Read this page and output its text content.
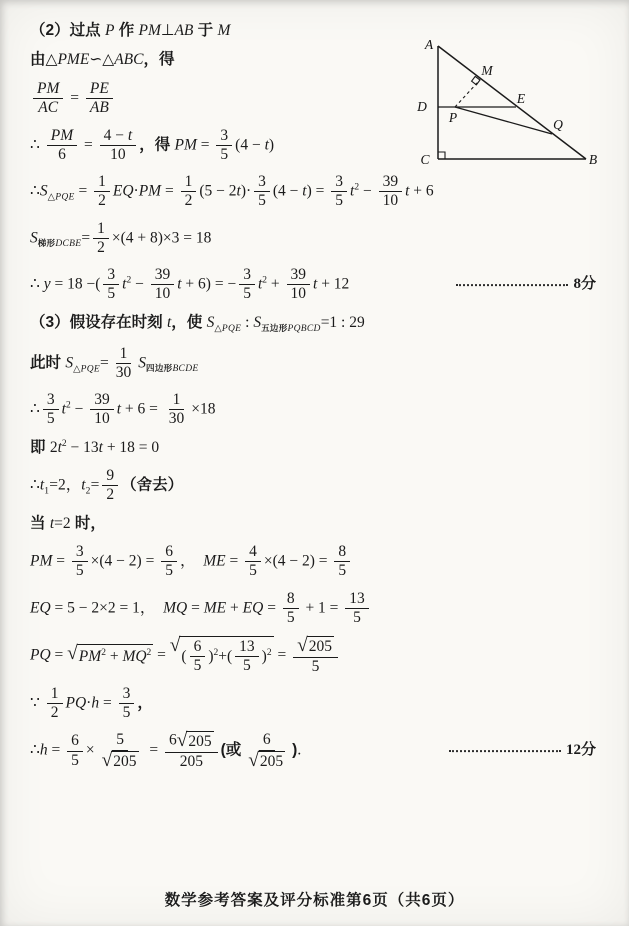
（2）过点 P 作 PM⊥AB 于 M
由△PME∽△ABC，得
$\frac{PM}{AC} = \frac{PE}{AB}$
∴ $\frac{PM}{6} = \frac{4 - t}{10}$ ，得 PM = $\frac{3}{5} (4 - t)$
$\therefore S_{\triangle PQE} = \frac{1}{2} EQ\cdot PM = \frac{1}{2} (5 - 2t)\cdot \frac{3}{5} (4 - t) = \frac{3}{5} t^2 - \frac{39}{10}$ t + 6
$S_{梯形DCBE}= \frac{1}{2} \times(4 + 8)\times 3 = 18$
∴ y = 18 −( $\frac{3}{5} t^2 - \frac{39}{10}$ t + 6) = − $\frac{3}{5} t^2 + \frac{39}{10}$ t + 12	8分
（3）假设存在时刻 t，使 $S_{\triangle PQE}$ : $S_{五边形PQBCD}=1$ : 29
此时 $S_{\triangle PQE}= \frac{1}{30} S_{四边形BCDE}$
∴ $\frac{3}{5} t^2 - \frac{39}{10}$ $t + 6 = \frac{1}{30} \times 18$
即 $2t^2 - 13t + 18 = 0$
$\therefore t_1=2$，$t_2= \frac{9}{2}$ （舍去）
当 t=2 时，
PM = $\frac{3}{5} \times(4 - 2) = \frac{6}{5}$ ，  ME = $\frac{4}{5} \times(4 - 2) = \frac{8}{5}$
EQ = 5 − 2×2 = 1，  MQ = ME + EQ = $\frac{8}{5} + 1 = \frac{13}{5}$
PQ = √ $PM^2 + MQ^2$ = √
( $\frac{6}{5} )^2+( \frac{13}{5} )^2 = \frac{√ 205}{5}$
∵ $\frac{1}{2} PQ\cdot h = \frac{3}{5}$ ，
∴h = $\frac{6}{5} \times \frac{5}{√ 205} = \frac{6 √ 205}{205}$ (或 $\frac{6}{√ 205}$ ).	12分
A
B
C
D
E
M
P	Q
数学参考答案及评分标准第6页（共6页）
